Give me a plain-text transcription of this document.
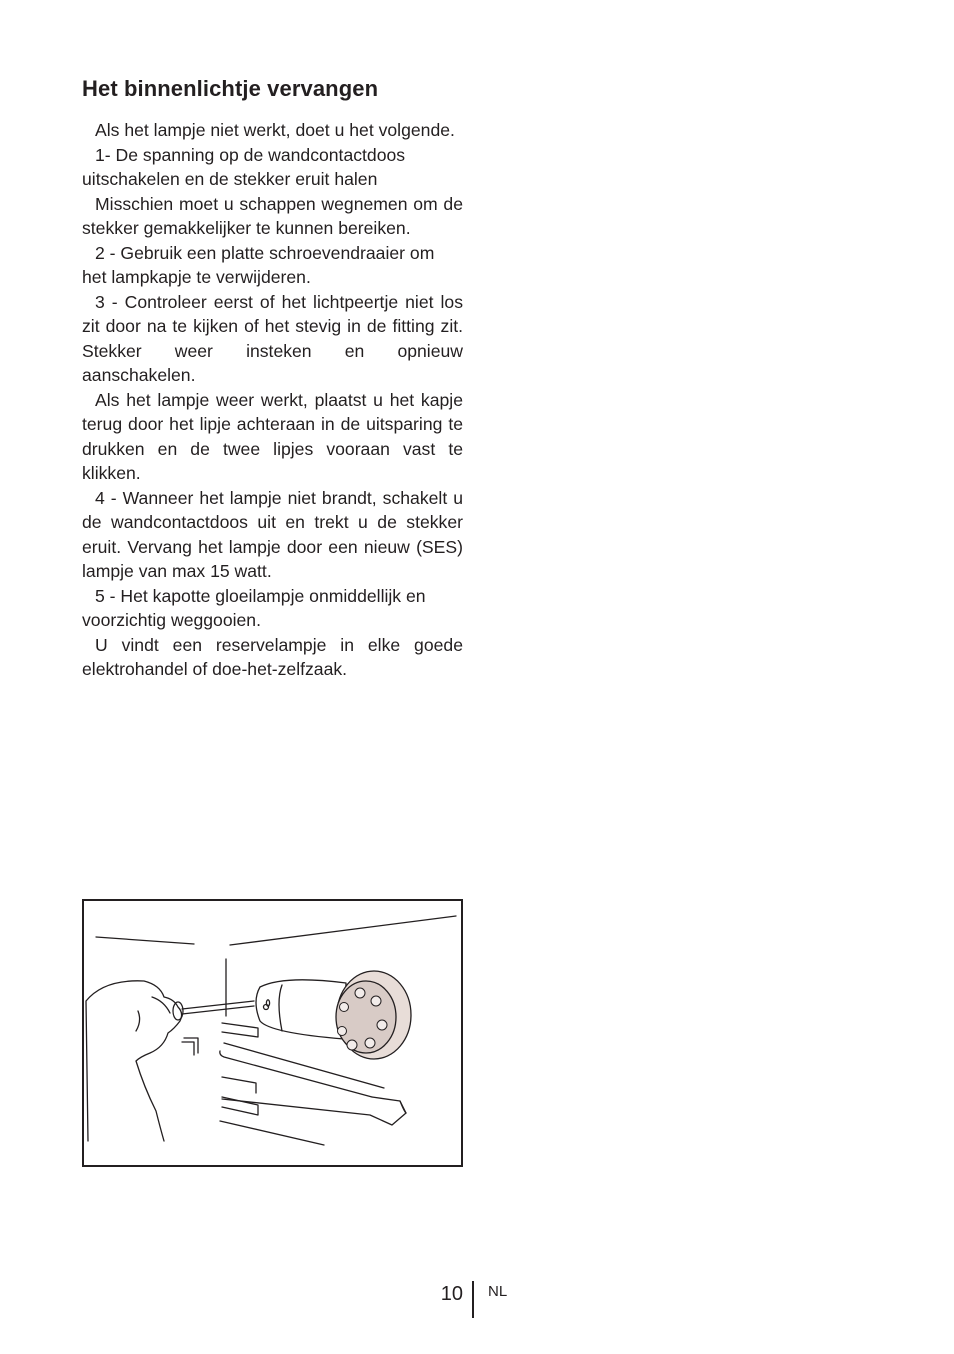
Het binnenlichtje vervangen

Als het lampje niet werkt, doet u het volgende.

1- De spanning op de wandcontactdoos uitschakelen en de stekker eruit halen

Misschien moet u schappen wegnemen om de stekker gemakkelijker te kunnen bereiken.

2 - Gebruik een platte schroevendraaier om het lampkapje te verwijderen.

3 - Controleer eerst of het lichtpeertje niet los zit door na te kijken of het stevig in de fitting zit. Stekker weer insteken en opnieuw aanschakelen.

Als het lampje weer werkt, plaatst u het kapje terug door het lipje achteraan in de uitsparing te drukken en de twee lipjes vooraan vast te klikken.

4 - Wanneer het lampje niet brandt, schakelt u de wandcontactdoos uit en trekt u de stekker eruit. Vervang het lampje door een nieuw (SES) lampje van max 15 watt.

5 - Het kapotte gloeilampje onmiddellijk en voorzichtig weggooien.

U vindt een reservelampje in elke goede elektrohandel of doe-het-zelfzaak.

10 NL
